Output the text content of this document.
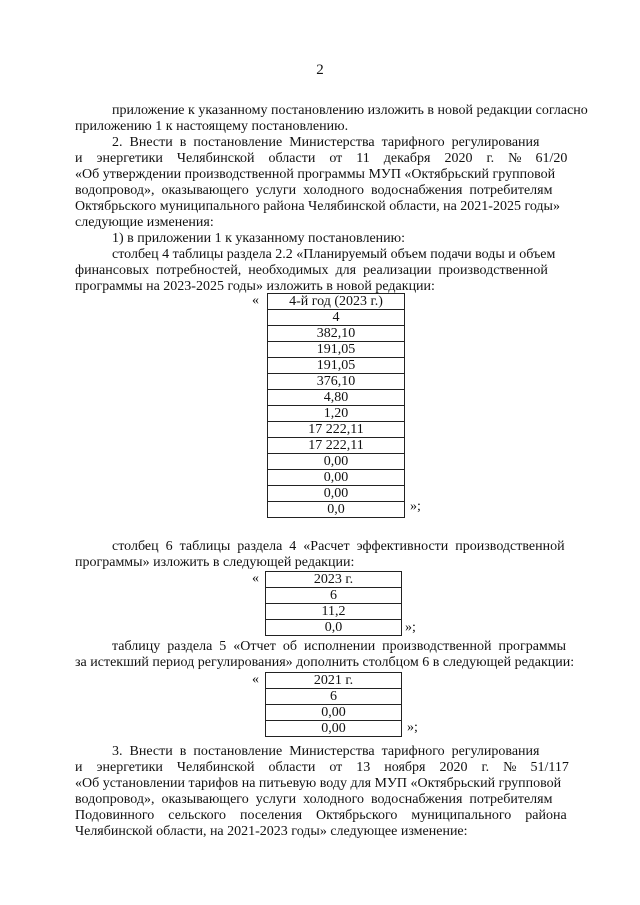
2

приложение к указанному постановлению изложить в новой редакции согласно
приложению 1 к настоящему постановлению.

2.  Внести  в  постановление  Министерства  тарифного  регулирования
и    энергетики    Челябинской    области    от    11    декабря    2020    г.    №    61/20
«Об утверждении производственной программы МУП «Октябрьский групповой
водопровод»,  оказывающего  услуги  холодного  водоснабжения  потребителям
Октябрьского муниципального района Челябинской области, на 2021-2025 годы»
следующие изменения:

1) в приложении 1 к указанному постановлению:

столбец 4 таблицы раздела 2.2 «Планируемый объем подачи воды и объем
финансовых  потребностей,  необходимых  для  реализации  производственной
программы на 2023-2025 годы» изложить в новой редакции:

« 4-й год (2023 г.)
4
382,10
191,05
191,05
376,10
4,80
1,20
17 222,11
17 222,11
0,00
0,00
0,00
0,0	»;

столбец  6  таблицы  раздела  4  «Расчет  эффективности  производственной
программы» изложить в следующей редакции:

«	2023 г.
6
11,2
0,0	»;

таблицу  раздела  5  «Отчет  об  исполнении  производственной  программы
за истекший период регулирования» дополнить столбцом 6 в следующей редакции:

«	2021 г.
6
0,00
0,00	»;

3.  Внести  в  постановление  Министерства  тарифного  регулирования
и    энергетики    Челябинской    области    от    13    ноября    2020    г.    №    51/117
«Об установлении тарифов на питьевую воду для МУП «Октябрьский групповой
водопровод»,  оказывающего  услуги  холодного  водоснабжения  потребителям
Подовинного    сельского    поселения    Октябрьского    муниципального    района
Челябинской области, на 2021-2023 годы» следующее изменение:
